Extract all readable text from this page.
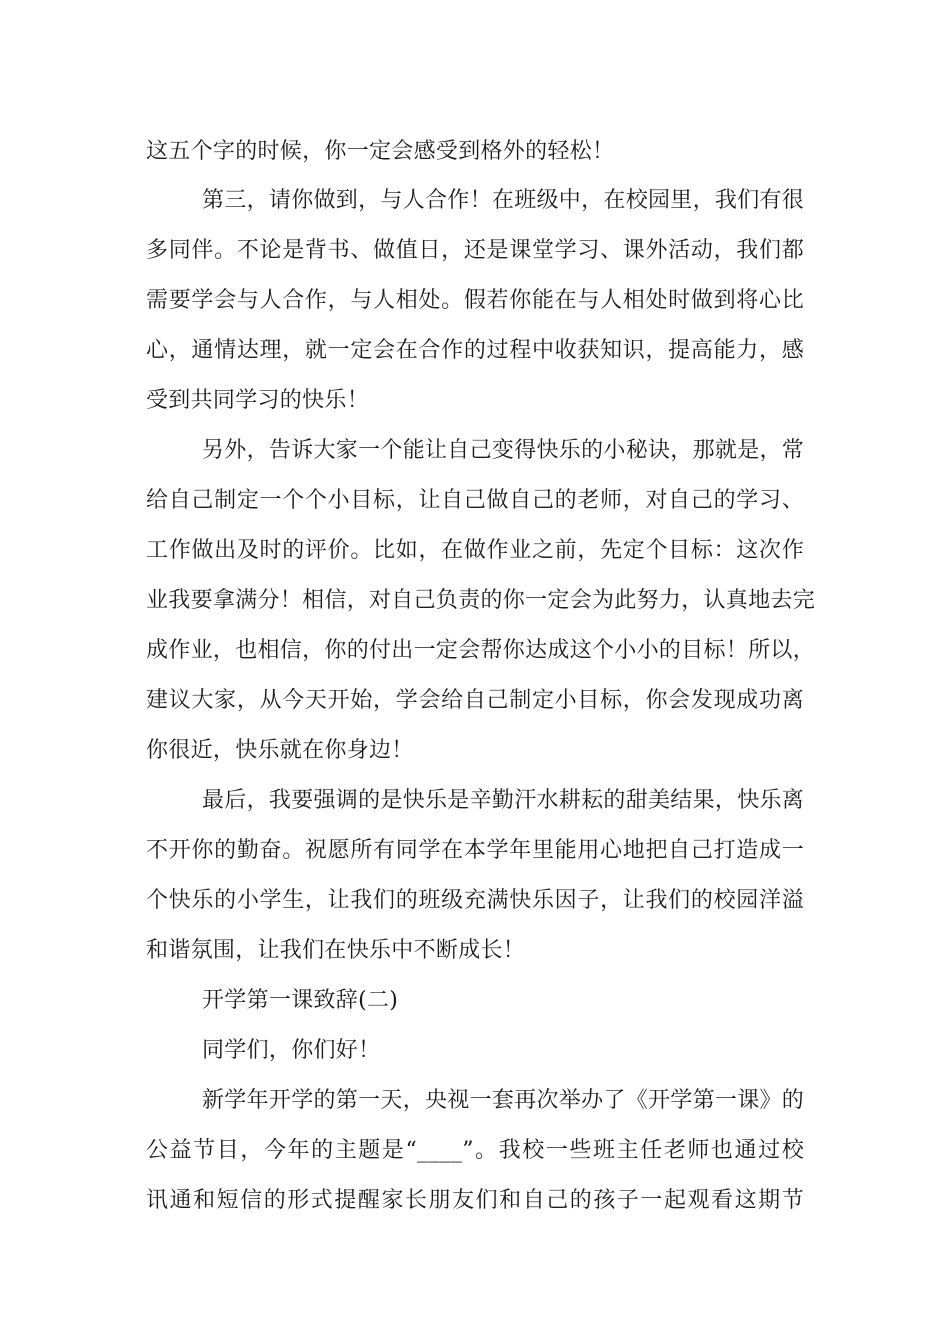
这五个字的时候，你一定会感受到格外的轻松！
第三，请你做到，与人合作！在班级中，在校园里，我们有很
多同伴。不论是背书、做值日，还是课堂学习、课外活动，我们都
需要学会与人合作，与人相处。假若你能在与人相处时做到将心比
心，通情达理，就一定会在合作的过程中收获知识，提高能力，感
受到共同学习的快乐！
另外，告诉大家一个能让自己变得快乐的小秘诀，那就是，常
给自己制定一个个小目标，让自己做自己的老师，对自己的学习、
工作做出及时的评价。比如，在做作业之前，先定个目标：这次作
业我要拿满分！相信，对自己负责的你一定会为此努力，认真地去完
成作业，也相信，你的付出一定会帮你达成这个小小的目标！所以，
建议大家，从今天开始，学会给自己制定小目标，你会发现成功离
你很近，快乐就在你身边！
最后，我要强调的是快乐是辛勤汗水耕耘的甜美结果，快乐离
不开你的勤奋。祝愿所有同学在本学年里能用心地把自己打造成一
个快乐的小学生，让我们的班级充满快乐因子，让我们的校园洋溢
和谐氛围，让我们在快乐中不断成长！
开学第一课致辞(二)
同学们，你们好！
新学年开学的第一天，央视一套再次举办了《开学第一课》的
公益节目，今年的主题是“____”。我校一些班主任老师也通过校
讯通和短信的形式提醒家长朋友们和自己的孩子一起观看这期节
